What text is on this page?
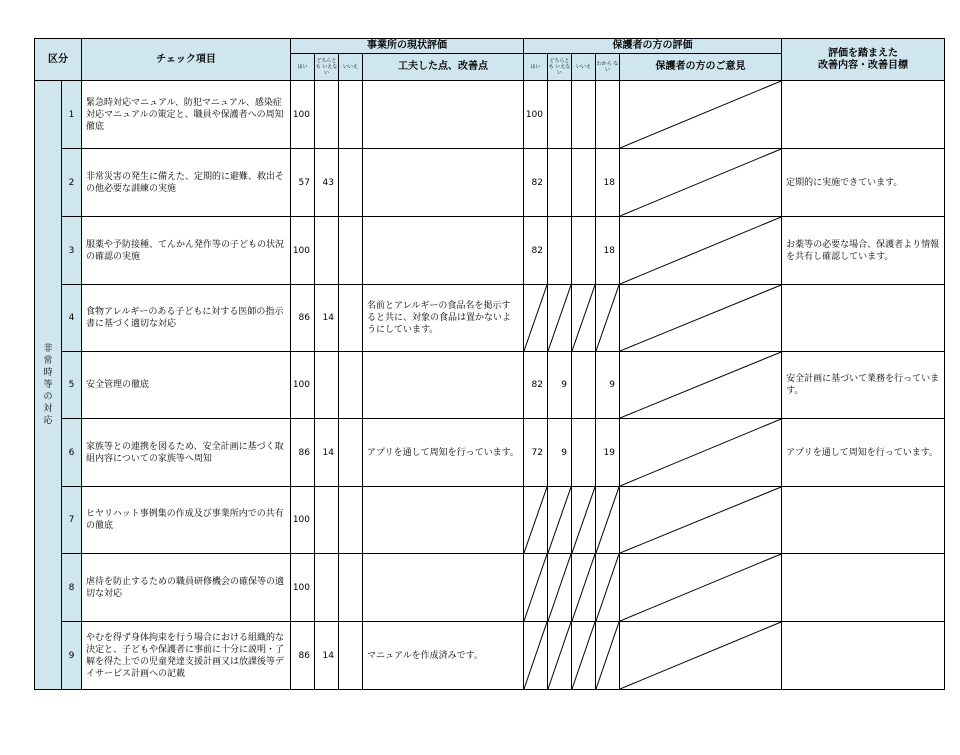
区分		チェック項目	事業所の現状評価				保護者の方の評価					評価を踏まえた
改善内容・改善目標
			はい	どちらとも いえない	いいえ	工夫した点、改善点	はい	どちらとも いえない	いいえ	わから ない	保護者の方のご意見	
非常時等の対応	1	緊急時対応マニュアル、防犯マニュアル、感染症対応マニュアルの策定と、職員や保護者への周知徹底	100				100				

	2	非常災害の発生に備えた、定期的に避難、救出その他必要な訓練の実施	57	43			82			18		定期的に実施できています。
	3	服薬や予防接種、てんかん発作等の子どもの状況の確認の実施	100				82			18		お薬等の必要な場合、保護者より情報を共有し確認しています。
	4	食物アレルギーのある子どもに対する医師の指示書に基づく適切な対応	86	14		名前とアレルギーの食品名を掲示すると共に、対象の食品は置かないようにしています。	

	5	安全管理の徹底	100				82	9		9		安全計画に基づいて業務を行っています。
	6	家族等との連携を図るため、安全計画に基づく取組内容についての家族等へ周知	86	14		アプリを通して周知を行っています。	72	9		19		アプリを通して周知を行っています。
	7	ヒヤリハット事例集の作成及び事業所内での共有の徹底	100				

	8	虐待を防止するための職員研修機会の確保等の適切な対応	100				

	9	やむを得ず身体拘束を行う場合における組織的な決定と、子どもや保護者に事前に十分に説明・了解を得た上での児童発達支援計画又は放課後等デイサービス計画への記載	86	14		マニュアルを作成済みです。	
